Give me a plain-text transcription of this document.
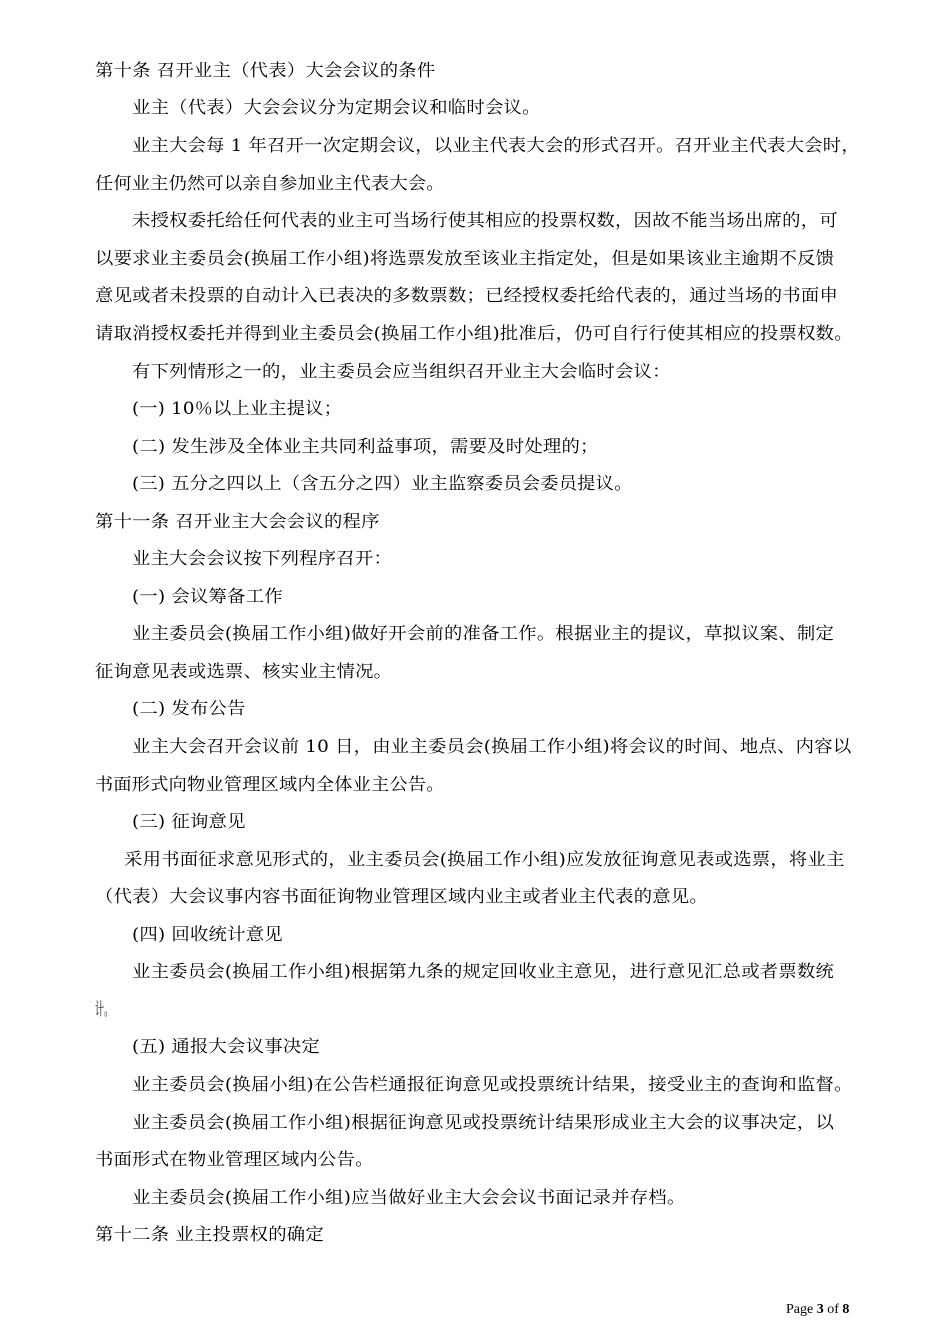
第十条 召开业主（代表）大会会议的条件
业主（代表）大会会议分为定期会议和临时会议。
业主大会每 1 年召开一次定期会议，以业主代表大会的形式召开。召开业主代表大会时，
任何业主仍然可以亲自参加业主代表大会。
未授权委托给任何代表的业主可当场行使其相应的投票权数，因故不能当场出席的，可
以要求业主委员会(换届工作小组)将选票发放至该业主指定处，但是如果该业主逾期不反馈
意见或者未投票的自动计入已表决的多数票数；已经授权委托给代表的，通过当场的书面申
请取消授权委托并得到业主委员会(换届工作小组)批准后，仍可自行行使其相应的投票权数。
有下列情形之一的，业主委员会应当组织召开业主大会临时会议：
(一) 10％以上业主提议；
(二) 发生涉及全体业主共同利益事项，需要及时处理的；
(三) 五分之四以上（含五分之四）业主监察委员会委员提议。
第十一条 召开业主大会会议的程序
业主大会会议按下列程序召开：
(一) 会议筹备工作
业主委员会(换届工作小组)做好开会前的准备工作。根据业主的提议，草拟议案、制定
征询意见表或选票、核实业主情况。
(二) 发布公告
业主大会召开会议前 10 日，由业主委员会(换届工作小组)将会议的时间、地点、内容以
书面形式向物业管理区域内全体业主公告。
(三) 征询意见
采用书面征求意见形式的，业主委员会(换届工作小组)应发放征询意见表或选票，将业主
（代表）大会议事内容书面征询物业管理区域内业主或者业主代表的意见。
(四) 回收统计意见
业主委员会(换届工作小组)根据第九条的规定回收业主意见，进行意见汇总或者票数统
计。
(五) 通报大会议事决定
业主委员会(换届小组)在公告栏通报征询意见或投票统计结果，接受业主的查询和监督。
业主委员会(换届工作小组)根据征询意见或投票统计结果形成业主大会的议事决定，以
书面形式在物业管理区域内公告。
业主委员会(换届工作小组)应当做好业主大会会议书面记录并存档。
第十二条 业主投票权的确定
Page 3 of 8
